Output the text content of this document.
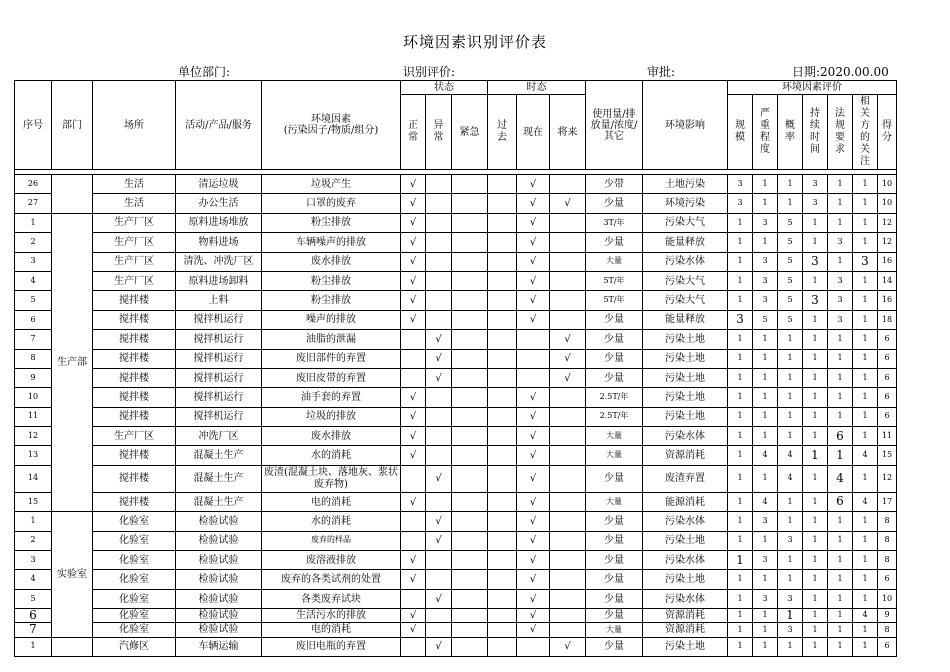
环境因素识别评价表
单位部门:	识别评价:	审批:	日期:2020.00.00
序号	部门	场所	活动/产品/服务	环境因素
(污染因子/物质/组分)	状态			时态			使用量/排放量/浓度/其它	环境影响	环境因素评价						
					正常	异常	紧急	过去	现在	将来			规模	严重程度	概率	持续时间	法规要求	相关方的关注	得分

26		生活	清运垃圾	垃圾产生	√				√		少带	土地污染	3	1	1	3	1	1	10
27		生活	办公生活	口罩的废弃	√				√	√	少量	环境污染	3	1	1	3	1	1	10
1	生产部	生产厂区	原料进场堆放	粉尘排放	√				√		3T/年	污染大气	1	3	5	1	1	1	12
2		生产厂区	物料进场	车辆噪声的排放	√				√		少量	能量释放	1	1	5	1	3	1	12
3		生产厂区	清洗、冲洗厂区	废水排放	√				√		大量	污染水体	1	3	5	3	1	3	16
4		生产厂区	原料进场卸料	粉尘排放	√				√		5T/年	污染大气	1	3	5	1	3	1	14
5		搅拌楼	上料	粉尘排放	√				√		5T/年	污染大气	1	3	5	3	3	1	16
6		搅拌楼	搅拌机运行	噪声的排放	√				√		少量	能量释放	3	5	5	1	3	1	18
7		搅拌楼	搅拌机运行	油脂的泄漏		√				√	少量	污染土地	1	1	1	1	1	1	6
8		搅拌楼	搅拌机运行	废旧部件的弃置		√				√	少量	污染土地	1	1	1	1	1	1	6
9		搅拌楼	搅拌机运行	废旧皮带的弃置		√				√	少量	污染土地	1	1	1	1	1	1	6
10		搅拌楼	搅拌机运行	油手套的弃置	√				√		2.5T/年	污染土地	1	1	1	1	1	1	6
11		搅拌楼	搅拌机运行	垃圾的排放	√				√		2.5T/年	污染土地	1	1	1	1	1	1	6
12		生产厂区	冲洗厂区	废水排放	√				√		大量	污染水体	1	1	1	1	6	1	11
13		搅拌楼	混凝土生产	水的消耗	√				√		大量	资源消耗	1	4	4	1	1	4	15
14		搅拌楼	混凝土生产	废渣(混凝土块、落地灰、浆状废弃物)		√			√		少量	废渣弃置	1	1	4	1	4	1	12
15		搅拌楼	混凝土生产	电的消耗	√				√		大量	能源消耗	1	4	1	1	6	4	17
1	实验室	化验室	检验试验	水的消耗		√			√		少量	污染水体	1	3	1	1	1	1	8
2		化验室	检验试验	废弃的样品		√			√		少量	污染土地	1	1	3	1	1	1	8
3		化验室	检验试验	废溶液排放	√				√		少量	污染水体	1	3	1	1	1	1	8
4		化验室	检验试验	废弃的各类试剂的处置	√				√		少量	污染土地	1	1	1	1	1	1	6
5		化验室	检验试验	各类废弃试块		√			√		少量	污染水体	1	3	3	1	1	1	10
6		化验室	检验试验	生活污水的排放	√				√		少量	资源消耗	1	1	1	1	1	4	9
7		化验室	检验试验	电的消耗	√				√		大量	资源消耗	1	1	3	1	1	1	8
1		汽修区	车辆运输	废旧电瓶的弃置		√				√	少量	污染土地	1	1	1	1	1	1	6
